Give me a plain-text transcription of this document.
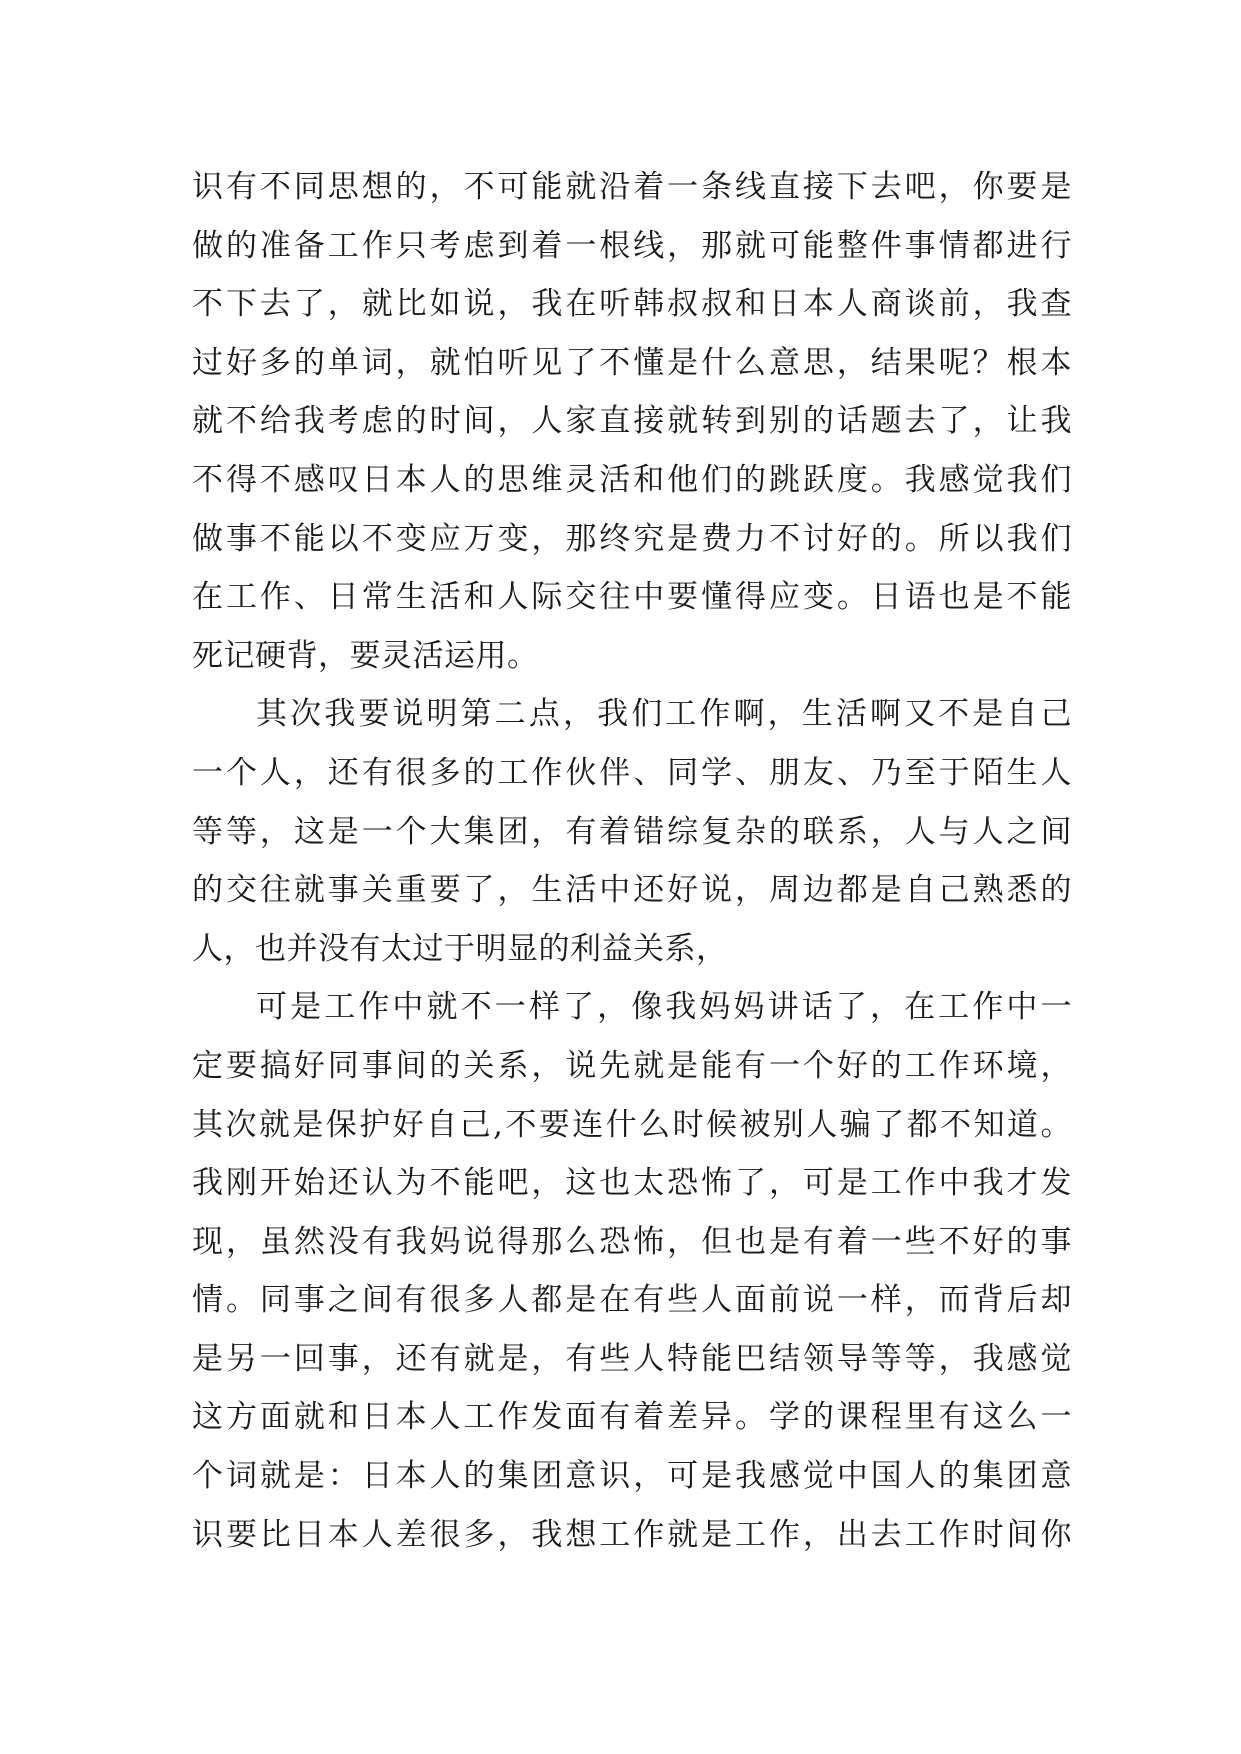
识有不同思想的，不可能就沿着一条线直接下去吧，你要是
做的准备工作只考虑到着一根线，那就可能整件事情都进行
不下去了，就比如说，我在听韩叔叔和日本人商谈前，我查
过好多的单词，就怕听见了不懂是什么意思，结果呢？根本
就不给我考虑的时间，人家直接就转到别的话题去了，让我
不得不感叹日本人的思维灵活和他们的跳跃度。我感觉我们
做事不能以不变应万变，那终究是费力不讨好的。所以我们
在工作、日常生活和人际交往中要懂得应变。日语也是不能
死记硬背，要灵活运用。
其次我要说明第二点，我们工作啊，生活啊又不是自己
一个人，还有很多的工作伙伴、同学、朋友、乃至于陌生人
等等，这是一个大集团，有着错综复杂的联系，人与人之间
的交往就事关重要了，生活中还好说，周边都是自己熟悉的
人，也并没有太过于明显的利益关系，
可是工作中就不一样了，像我妈妈讲话了，在工作中一
定要搞好同事间的关系，说先就是能有一个好的工作环境，
其次就是保护好自己,不要连什么时候被别人骗了都不知道。
我刚开始还认为不能吧，这也太恐怖了，可是工作中我才发
现，虽然没有我妈说得那么恐怖，但也是有着一些不好的事
情。同事之间有很多人都是在有些人面前说一样，而背后却
是另一回事，还有就是，有些人特能巴结领导等等，我感觉
这方面就和日本人工作发面有着差异。学的课程里有这么一
个词就是：日本人的集团意识，可是我感觉中国人的集团意
识要比日本人差很多，我想工作就是工作，出去工作时间你
